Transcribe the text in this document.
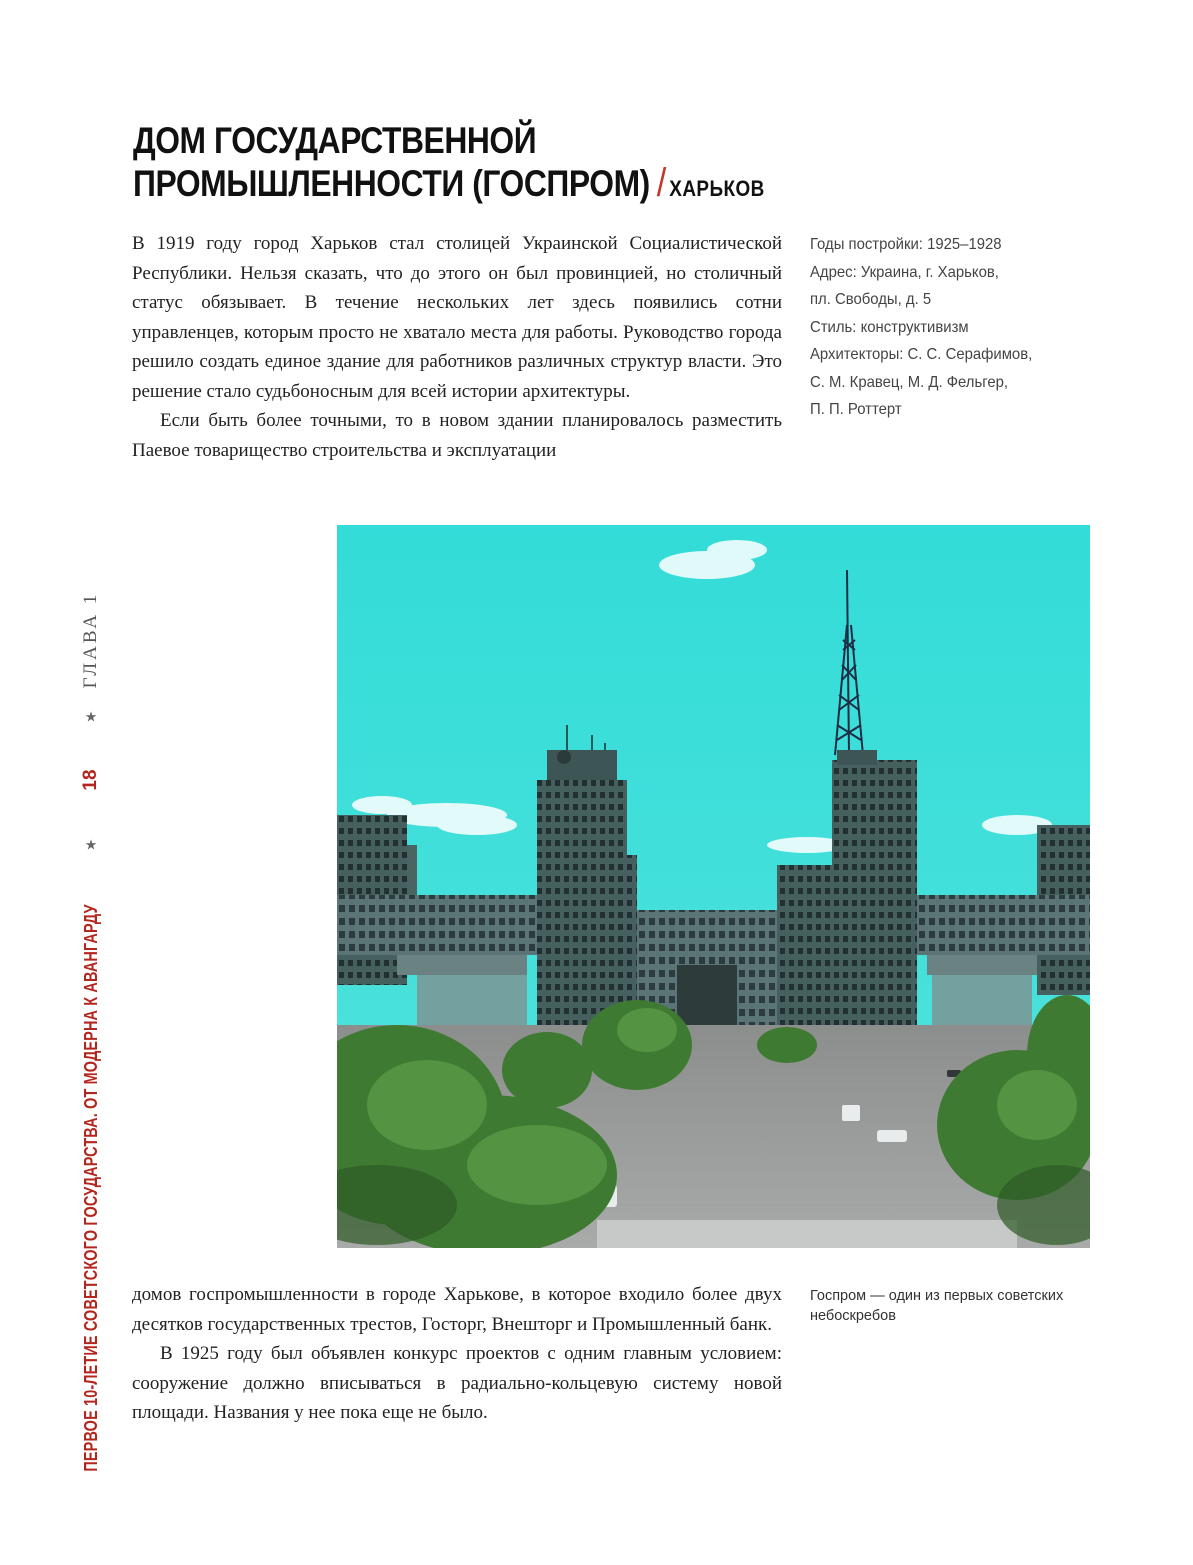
ДОМ ГОСУДАРСТВЕННОЙ
ПРОМЫШЛЕННОСТИ (ГОСПРОМ) / ХАРЬКОВ

В 1919 году город Харьков стал столицей Украинской Социалистической Республики. Нельзя сказать, что до этого он был провинцией, но столичный статус обязывает. В течение нескольких лет здесь появились сотни управленцев, которым просто не хватало места для работы. Руководство города решило создать единое здание для работников различных структур власти. Это решение стало судьбоносным для всей истории архитектуры.

Если быть более точными, то в новом здании планировалось разместить Паевое товарищество строительства и эксплуатации

Годы постройки: 1925–1928
Адрес: Украина, г. Харьков,
пл. Свободы, д. 5
Стиль: конструктивизм
Архитекторы: С. С. Серафимов,
С. М. Кравец, М. Д. Фельгер,
П. П. Роттерт
Госпром — один из первых советских небоскребов

домов госпромышленности в городе Харькове, в которое входило более двух десятков государственных трестов, Госторг, Внешторг и Промышленный банк.

В 1925 году был объявлен конкурс проектов с одним главным условием: сооружение должно вписываться в радиально-кольцевую систему новой площади. Названия у нее пока еще не было.

ГЛАВА 1
★
18
★
ПЕРВОЕ 10-ЛЕТИЕ СОВЕТСКОГО ГОСУДАРСТВА. ОТ МОДЕРНА К АВАНГАРДУ
